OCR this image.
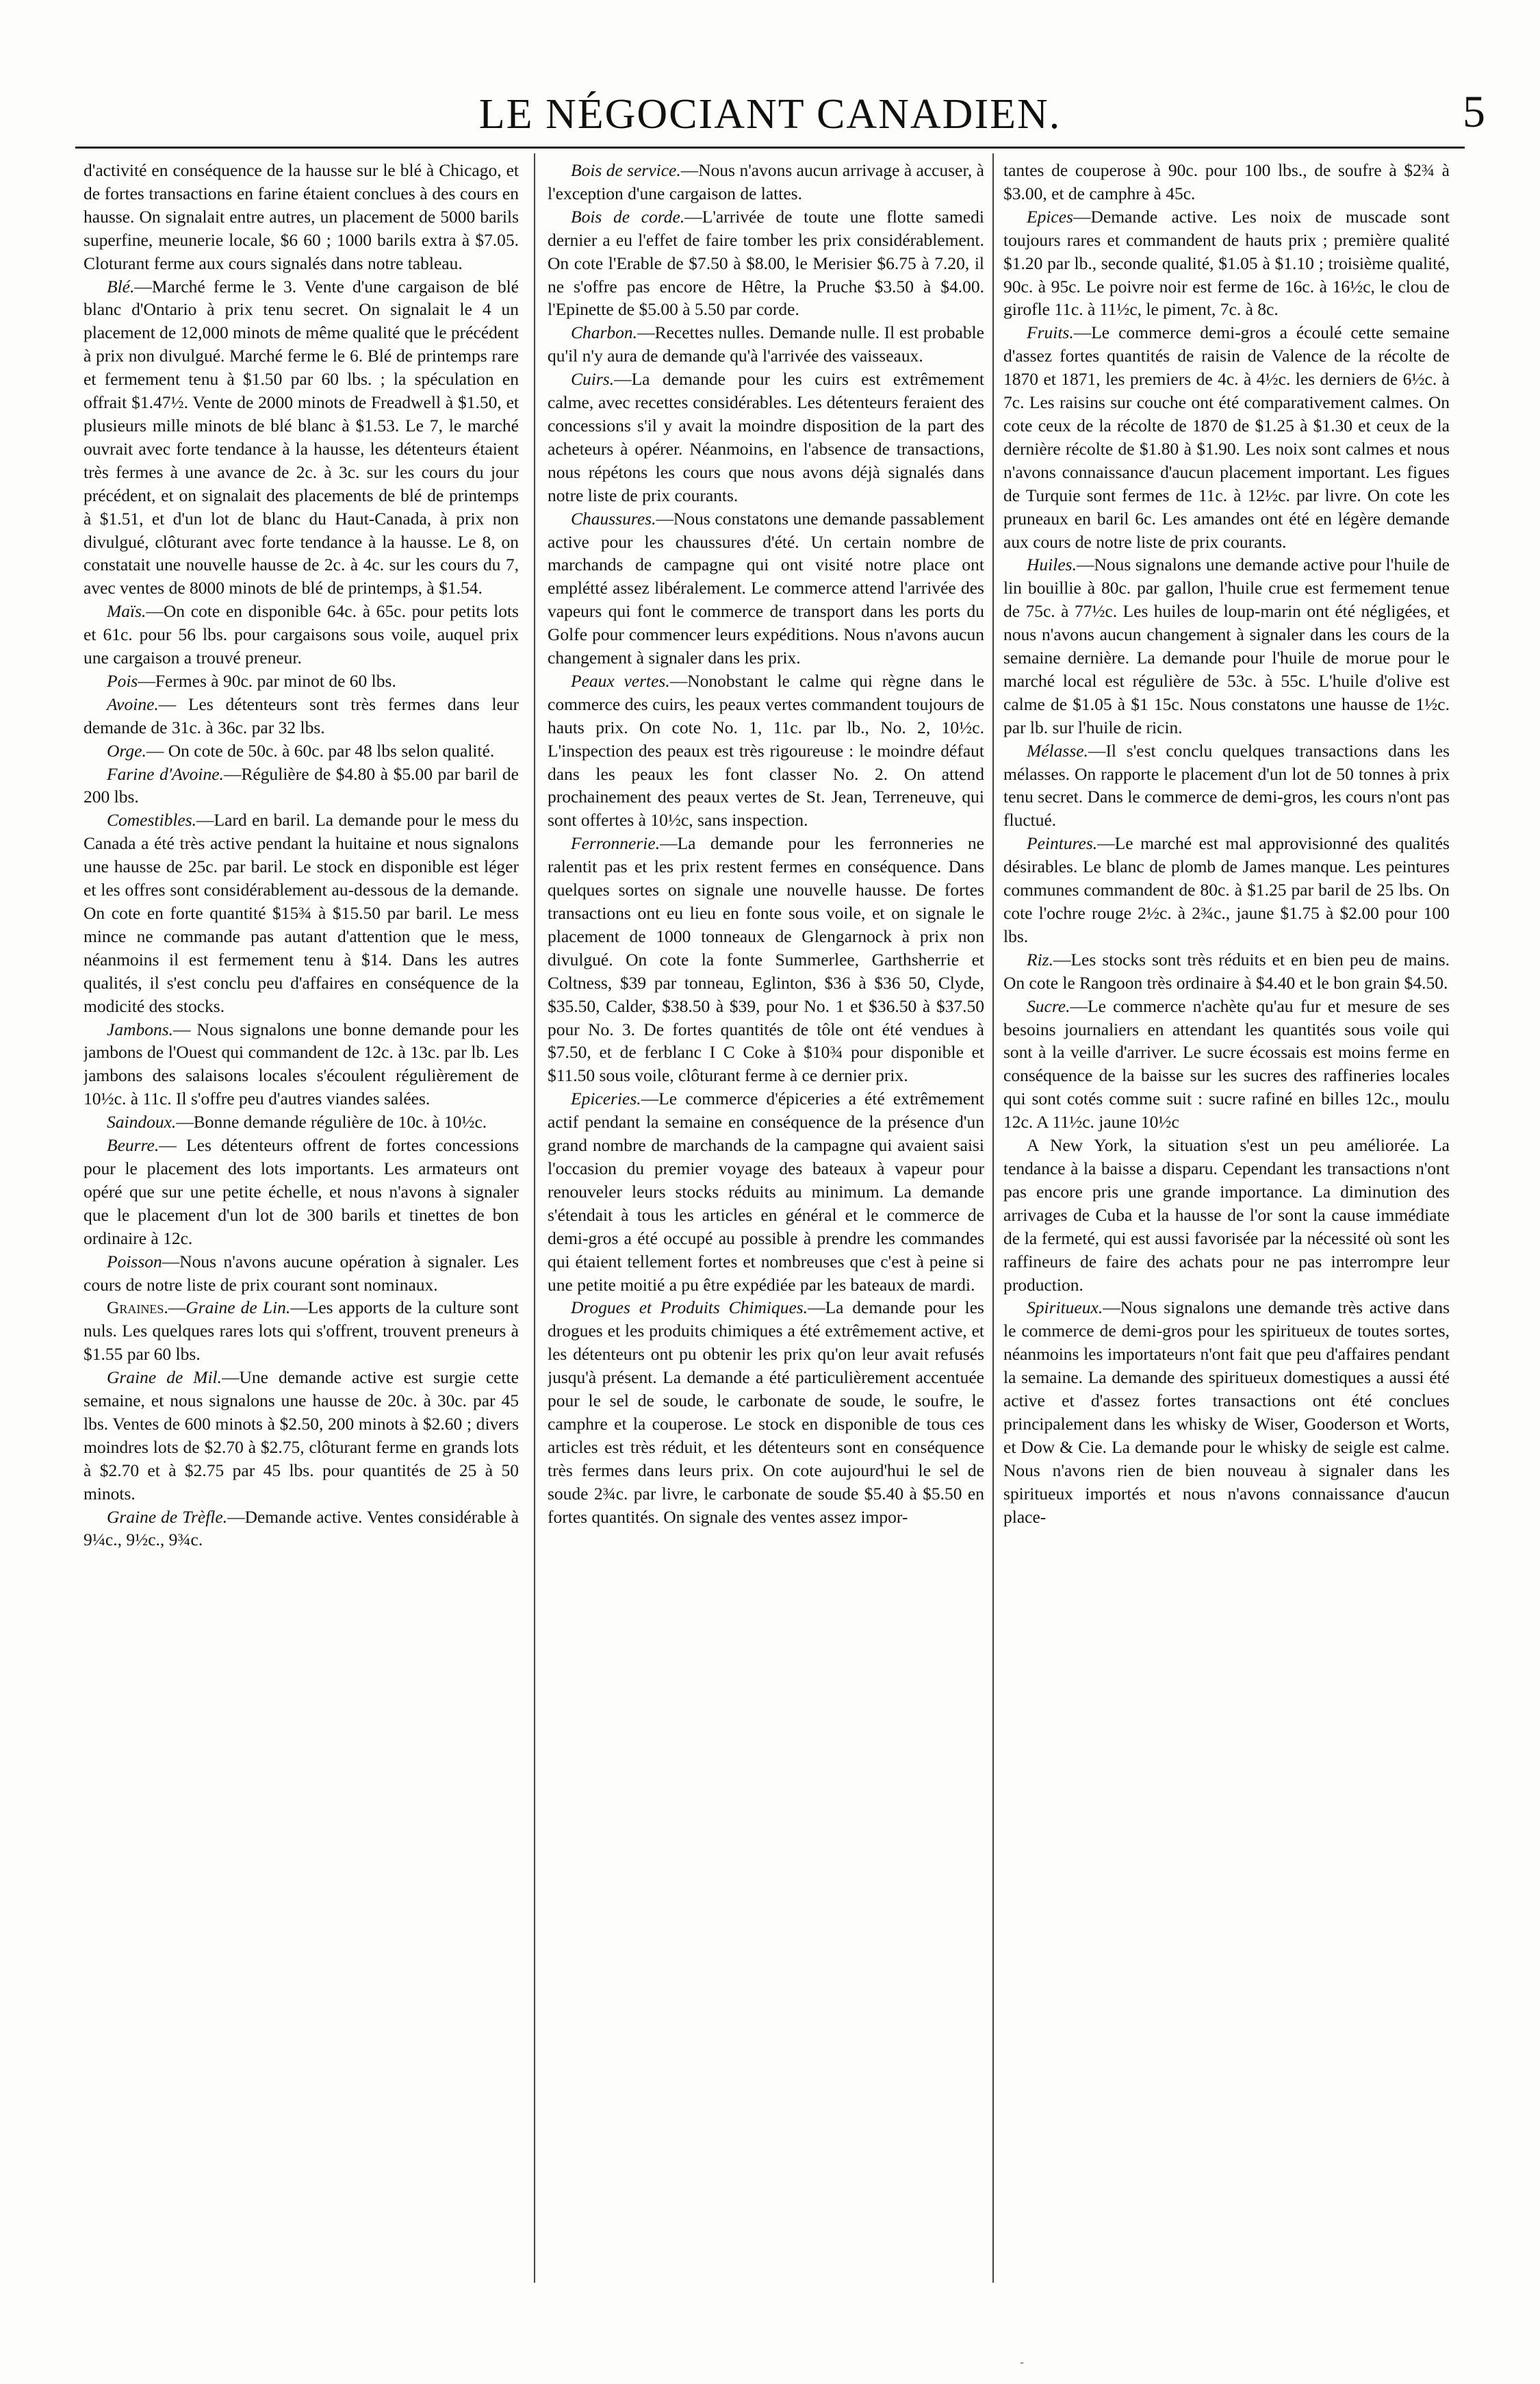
LE NÉGOCIANT CANADIEN.	5

d'activité en conséquence de la hausse sur le blé à Chicago, et de fortes transactions en farine étaient conclues à des cours en hausse. On signalait entre autres, un placement de 5000 barils superfine, meunerie locale, $6 60 ; 1000 barils extra à $7.05. Cloturant ferme aux cours signalés dans notre tableau.

Blé.—Marché ferme le 3. Vente d'une cargaison de blé blanc d'Ontario à prix tenu secret. On signalait le 4 un placement de 12,000 minots de même qualité que le précédent à prix non divulgué. Marché ferme le 6. Blé de printemps rare et fermement tenu à $1.50 par 60 lbs. ; la spéculation en offrait $1.47½. Vente de 2000 minots de Freadwell à $1.50, et plusieurs mille minots de blé blanc à $1.53. Le 7, le marché ouvrait avec forte tendance à la hausse, les détenteurs étaient très fermes à une avance de 2c. à 3c. sur les cours du jour précédent, et on signalait des placements de blé de printemps à $1.51, et d'un lot de blanc du Haut-Canada, à prix non divulgué, clôturant avec forte tendance à la hausse. Le 8, on constatait une nouvelle hausse de 2c. à 4c. sur les cours du 7, avec ventes de 8000 minots de blé de printemps, à $1.54.

Maïs.—On cote en disponible 64c. à 65c. pour petits lots et 61c. pour 56 lbs. pour cargaisons sous voile, auquel prix une cargaison a trouvé preneur.

Pois—Fermes à 90c. par minot de 60 lbs.

Avoine.— Les détenteurs sont très fermes dans leur demande de 31c. à 36c. par 32 lbs.

Orge.— On cote de 50c. à 60c. par 48 lbs selon qualité.

Farine d'Avoine.—Régulière de $4.80 à $5.00 par baril de 200 lbs.

Comestibles.—Lard en baril. La demande pour le mess du Canada a été très active pendant la huitaine et nous signalons une hausse de 25c. par baril. Le stock en disponible est léger et les offres sont considérablement au-dessous de la demande. On cote en forte quantité $15¾ à $15.50 par baril. Le mess mince ne commande pas autant d'attention que le mess, néanmoins il est fermement tenu à $14. Dans les autres qualités, il s'est conclu peu d'affaires en conséquence de la modicité des stocks.

Jambons.— Nous signalons une bonne demande pour les jambons de l'Ouest qui commandent de 12c. à 13c. par lb. Les jambons des salaisons locales s'écoulent régulièrement de 10½c. à 11c. Il s'offre peu d'autres viandes salées.

Saindoux.—Bonne demande régulière de 10c. à 10½c.

Beurre.— Les détenteurs offrent de fortes concessions pour le placement des lots importants. Les armateurs ont opéré que sur une petite échelle, et nous n'avons à signaler que le placement d'un lot de 300 barils et tinettes de bon ordinaire à 12c.

Poisson—Nous n'avons aucune opération à signaler. Les cours de notre liste de prix courant sont nominaux.

Graines.—Graine de Lin.—Les apports de la culture sont nuls. Les quelques rares lots qui s'offrent, trouvent preneurs à $1.55 par 60 lbs.

Graine de Mil.—Une demande active est surgie cette semaine, et nous signalons une hausse de 20c. à 30c. par 45 lbs. Ventes de 600 minots à $2.50, 200 minots à $2.60 ; divers moindres lots de $2.70 à $2.75, clôturant ferme en grands lots à $2.70 et à $2.75 par 45 lbs. pour quantités de 25 à 50 minots.

Graine de Trèfle.—Demande active. Ventes considérable à 9¼c., 9½c., 9¾c.

Bois de service.—Nous n'avons aucun arrivage à accuser, à l'exception d'une cargaison de lattes.

Bois de corde.—L'arrivée de toute une flotte samedi dernier a eu l'effet de faire tomber les prix considérablement. On cote l'Erable de $7.50 à $8.00, le Merisier $6.75 à 7.20, il ne s'offre pas encore de Hêtre, la Pruche $3.50 à $4.00. l'Epinette de $5.00 à 5.50 par corde.

Charbon.—Recettes nulles. Demande nulle. Il est probable qu'il n'y aura de demande qu'à l'arrivée des vaisseaux.

Cuirs.—La demande pour les cuirs est extrêmement calme, avec recettes considérables. Les détenteurs feraient des concessions s'il y avait la moindre disposition de la part des acheteurs à opérer. Néanmoins, en l'absence de transactions, nous répétons les cours que nous avons déjà signalés dans notre liste de prix courants.

Chaussures.—Nous constatons une demande passablement active pour les chaussures d'été. Un certain nombre de marchands de campagne qui ont visité notre place ont emplétté assez libéralement. Le commerce attend l'arrivée des vapeurs qui font le commerce de transport dans les ports du Golfe pour commencer leurs expéditions. Nous n'avons aucun changement à signaler dans les prix.

Peaux vertes.—Nonobstant le calme qui règne dans le commerce des cuirs, les peaux vertes commandent toujours de hauts prix. On cote No. 1, 11c. par lb., No. 2, 10½c. L'inspection des peaux est très rigoureuse : le moindre défaut dans les peaux les font classer No. 2. On attend prochainement des peaux vertes de St. Jean, Terreneuve, qui sont offertes à 10½c, sans inspection.

Ferronnerie.—La demande pour les ferronneries ne ralentit pas et les prix restent fermes en conséquence. Dans quelques sortes on signale une nouvelle hausse. De fortes transactions ont eu lieu en fonte sous voile, et on signale le placement de 1000 tonneaux de Glengarnock à prix non divulgué. On cote la fonte Summerlee, Garthsherrie et Coltness, $39 par tonneau, Eglinton, $36 à $36 50, Clyde, $35.50, Calder, $38.50 à $39, pour No. 1 et $36.50 à $37.50 pour No. 3. De fortes quantités de tôle ont été vendues à $7.50, et de ferblanc I C Coke à $10¾ pour disponible et $11.50 sous voile, clôturant ferme à ce dernier prix.

Epiceries.—Le commerce d'épiceries a été extrêmement actif pendant la semaine en conséquence de la présence d'un grand nombre de marchands de la campagne qui avaient saisi l'occasion du premier voyage des bateaux à vapeur pour renouveler leurs stocks réduits au minimum. La demande s'étendait à tous les articles en général et le commerce de demi-gros a été occupé au possible à prendre les commandes qui étaient tellement fortes et nombreuses que c'est à peine si une petite moitié a pu être expédiée par les bateaux de mardi.

Drogues et Produits Chimiques.—La demande pour les drogues et les produits chimiques a été extrêmement active, et les détenteurs ont pu obtenir les prix qu'on leur avait refusés jusqu'à présent. La demande a été particulièrement accentuée pour le sel de soude, le carbonate de soude, le soufre, le camphre et la couperose. Le stock en disponible de tous ces articles est très réduit, et les détenteurs sont en conséquence très fermes dans leurs prix. On cote aujourd'hui le sel de soude 2¾c. par livre, le carbonate de soude $5.40 à $5.50 en fortes quantités. On signale des ventes assez impor-

tantes de couperose à 90c. pour 100 lbs., de soufre à $2¾ à $3.00, et de camphre à 45c.

Epices—Demande active. Les noix de muscade sont toujours rares et commandent de hauts prix ; première qualité $1.20 par lb., seconde qualité, $1.05 à $1.10 ; troisième qualité, 90c. à 95c. Le poivre noir est ferme de 16c. à 16½c, le clou de girofle 11c. à 11½c, le piment, 7c. à 8c.

Fruits.—Le commerce demi-gros a écoulé cette semaine d'assez fortes quantités de raisin de Valence de la récolte de 1870 et 1871, les premiers de 4c. à 4½c. les derniers de 6½c. à 7c. Les raisins sur couche ont été comparativement calmes. On cote ceux de la récolte de 1870 de $1.25 à $1.30 et ceux de la dernière récolte de $1.80 à $1.90. Les noix sont calmes et nous n'avons connaissance d'aucun placement important. Les figues de Turquie sont fermes de 11c. à 12½c. par livre. On cote les pruneaux en baril 6c. Les amandes ont été en légère demande aux cours de notre liste de prix courants.

Huiles.—Nous signalons une demande active pour l'huile de lin bouillie à 80c. par gallon, l'huile crue est fermement tenue de 75c. à 77½c. Les huiles de loup-marin ont été négligées, et nous n'avons aucun changement à signaler dans les cours de la semaine dernière. La demande pour l'huile de morue pour le marché local est régulière de 53c. à 55c. L'huile d'olive est calme de $1.05 à $1 15c. Nous constatons une hausse de 1½c. par lb. sur l'huile de ricin.

Mélasse.—Il s'est conclu quelques transactions dans les mélasses. On rapporte le placement d'un lot de 50 tonnes à prix tenu secret. Dans le commerce de demi-gros, les cours n'ont pas fluctué.

Peintures.—Le marché est mal approvisionné des qualités désirables. Le blanc de plomb de James manque. Les peintures communes commandent de 80c. à $1.25 par baril de 25 lbs. On cote l'ochre rouge 2½c. à 2¾c., jaune $1.75 à $2.00 pour 100 lbs.

Riz.—Les stocks sont très réduits et en bien peu de mains. On cote le Rangoon très ordinaire à $4.40 et le bon grain $4.50.

Sucre.—Le commerce n'achète qu'au fur et mesure de ses besoins journaliers en attendant les quantités sous voile qui sont à la veille d'arriver. Le sucre écossais est moins ferme en conséquence de la baisse sur les sucres des raffineries locales qui sont cotés comme suit : sucre rafiné en billes 12c., moulu 12c. A 11½c. jaune 10½c

A New York, la situation s'est un peu améliorée. La tendance à la baisse a disparu. Cependant les transactions n'ont pas encore pris une grande importance. La diminution des arrivages de Cuba et la hausse de l'or sont la cause immédiate de la fermeté, qui est aussi favorisée par la nécessité où sont les raffineurs de faire des achats pour ne pas interrompre leur production.

Spiritueux.—Nous signalons une demande très active dans le commerce de demi-gros pour les spiritueux de toutes sortes, néanmoins les importateurs n'ont fait que peu d'affaires pendant la semaine. La demande des spiritueux domestiques a aussi été active et d'assez fortes transactions ont été conclues principalement dans les whisky de Wiser, Gooderson et Worts, et Dow & Cie. La demande pour le whisky de seigle est calme. Nous n'avons rien de bien nouveau à signaler dans les spiritueux importés et nous n'avons connaissance d'aucun place-

-
